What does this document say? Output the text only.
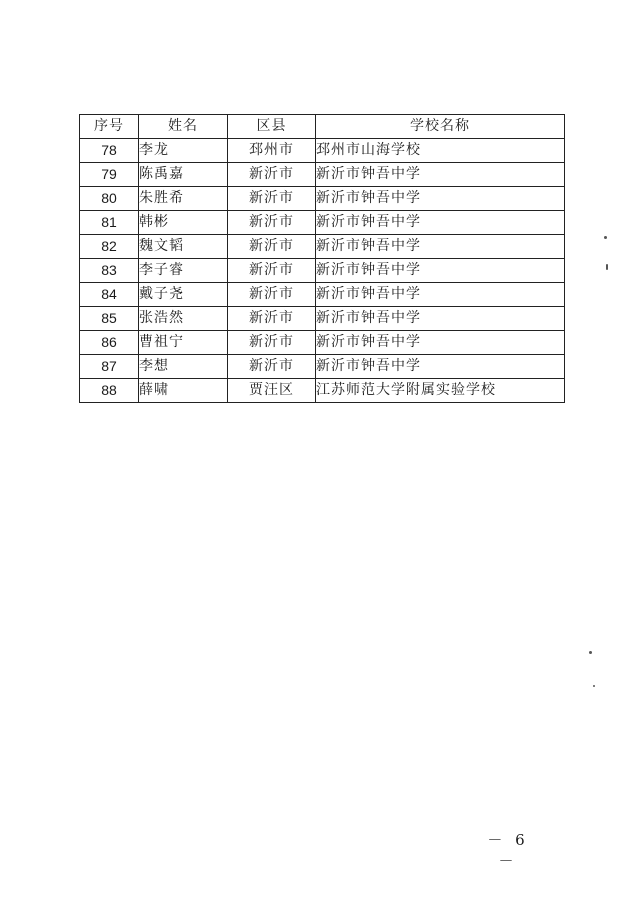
序号	姓名	区县	学校名称
78	李龙	邳州市	邳州市山海学校
79	陈禹嘉	新沂市	新沂市钟吾中学
80	朱胜希	新沂市	新沂市钟吾中学
81	韩彬	新沂市	新沂市钟吾中学
82	魏文韬	新沂市	新沂市钟吾中学
83	李子睿	新沂市	新沂市钟吾中学
84	戴子尧	新沂市	新沂市钟吾中学
85	张浩然	新沂市	新沂市钟吾中学
86	曹祖宁	新沂市	新沂市钟吾中学
87	李想	新沂市	新沂市钟吾中学
88	薛啸	贾汪区	江苏师范大学附属实验学校
－ 6 －
